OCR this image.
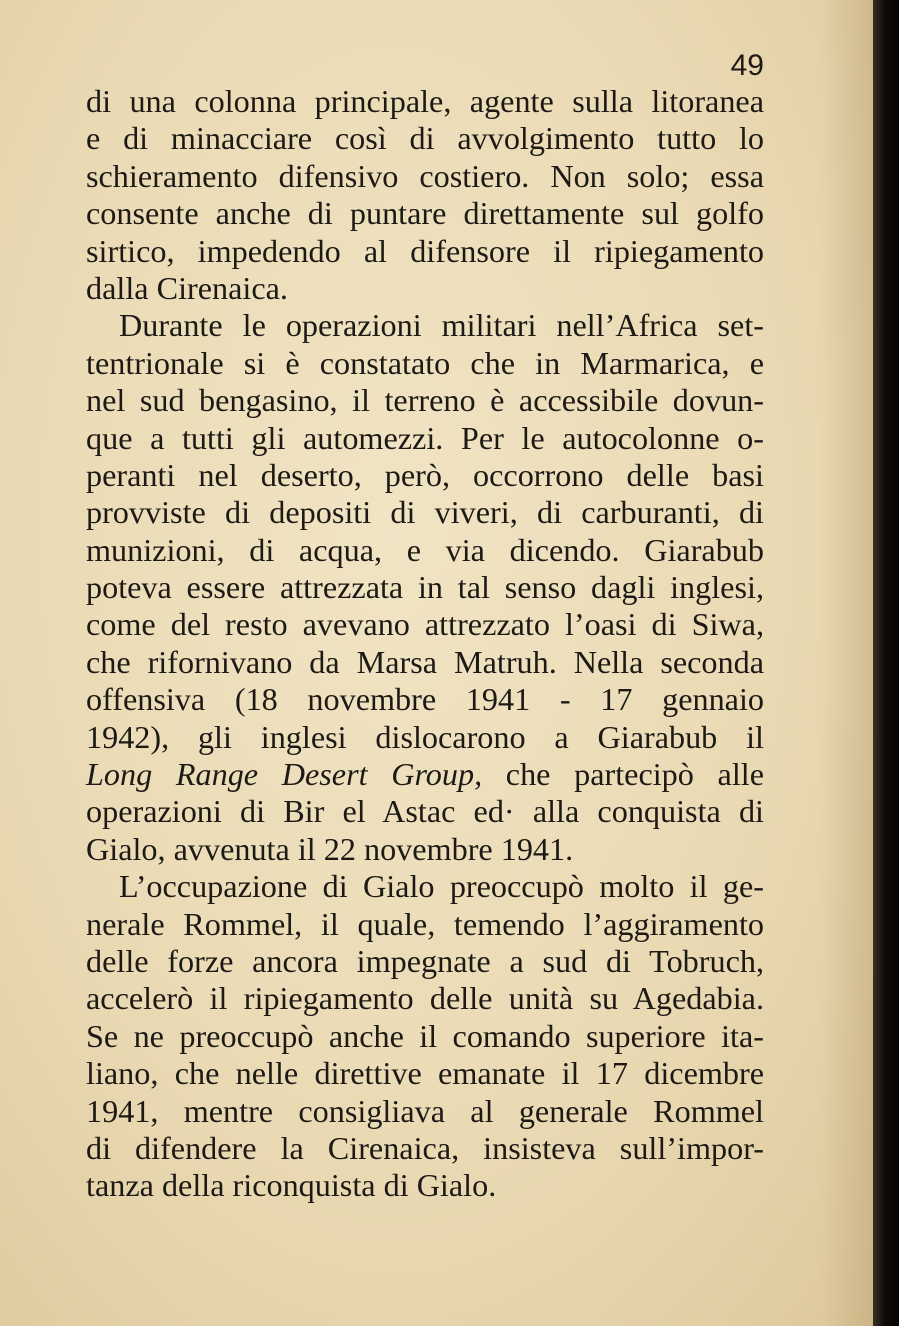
49
di una colonna principale, agente sulla litoranea
e di minacciare così di avvolgimento tutto lo
schieramento difensivo costiero. Non solo; essa
consente anche di puntare direttamente sul golfo
sirtico, impedendo al difensore il ripiegamento
dalla Cirenaica.
Durante le operazioni militari nell’Africa set-
tentrionale si è constatato che in Marmarica, e
nel sud bengasino, il terreno è accessibile dovun-
que a tutti gli automezzi. Per le autocolonne o-
peranti nel deserto, però, occorrono delle basi
provviste di depositi di viveri, di carburanti, di
munizioni, di acqua, e via dicendo. Giarabub
poteva essere attrezzata in tal senso dagli inglesi,
come del resto avevano attrezzato l’oasi di Siwa,
che rifornivano da Marsa Matruh. Nella seconda
offensiva (18 novembre 1941 - 17 gennaio
1942), gli inglesi dislocarono a Giarabub il
Long Range Desert Group, che partecipò alle
operazioni di Bir el Astac ed· alla conquista di
Gialo, avvenuta il 22 novembre 1941.
L’occupazione di Gialo preoccupò molto il ge-
nerale Rommel, il quale, temendo l’aggiramento
delle forze ancora impegnate a sud di Tobruch,
accelerò il ripiegamento delle unità su Agedabia.
Se ne preoccupò anche il comando superiore ita-
liano, che nelle direttive emanate il 17 dicembre
1941, mentre consigliava al generale Rommel
di difendere la Cirenaica, insisteva sull’impor-
tanza della riconquista di Gialo.
